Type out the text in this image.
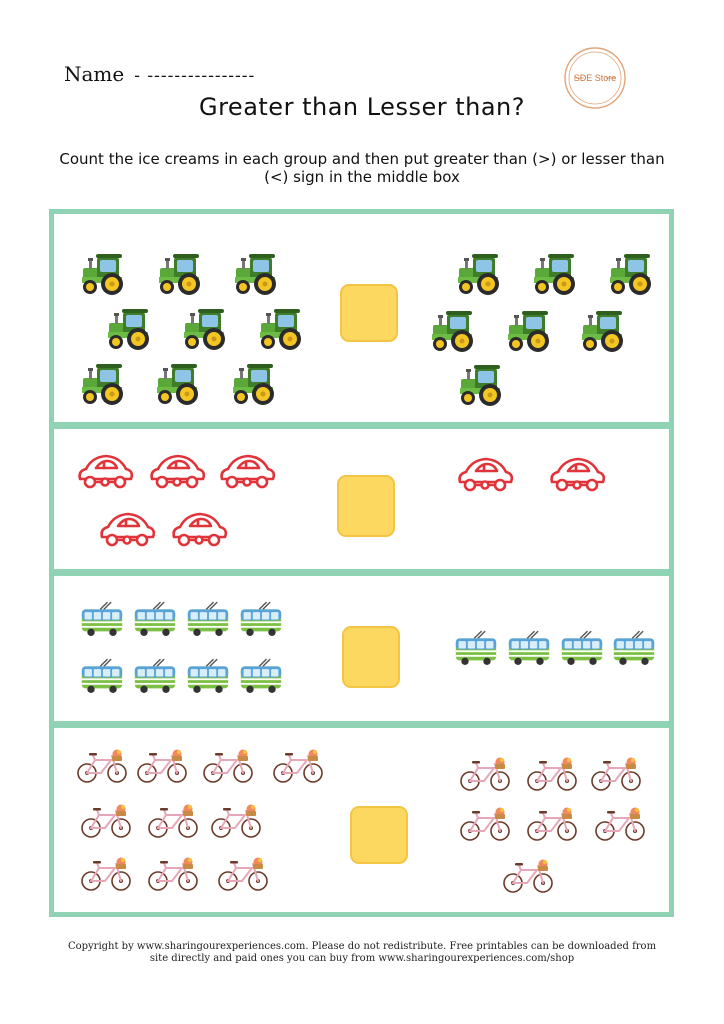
Name - ----------------	SDE Store
Greater than Lesser than?
Count the ice creams in each group and then put greater than (>) or lesser than (<) sign in the middle box
Copyright by www.sharingourexperiences.com. Please do not redistribute. Free printables can be downloaded from
site directly and paid ones you can buy from www.sharingourexperiences.com/shop
